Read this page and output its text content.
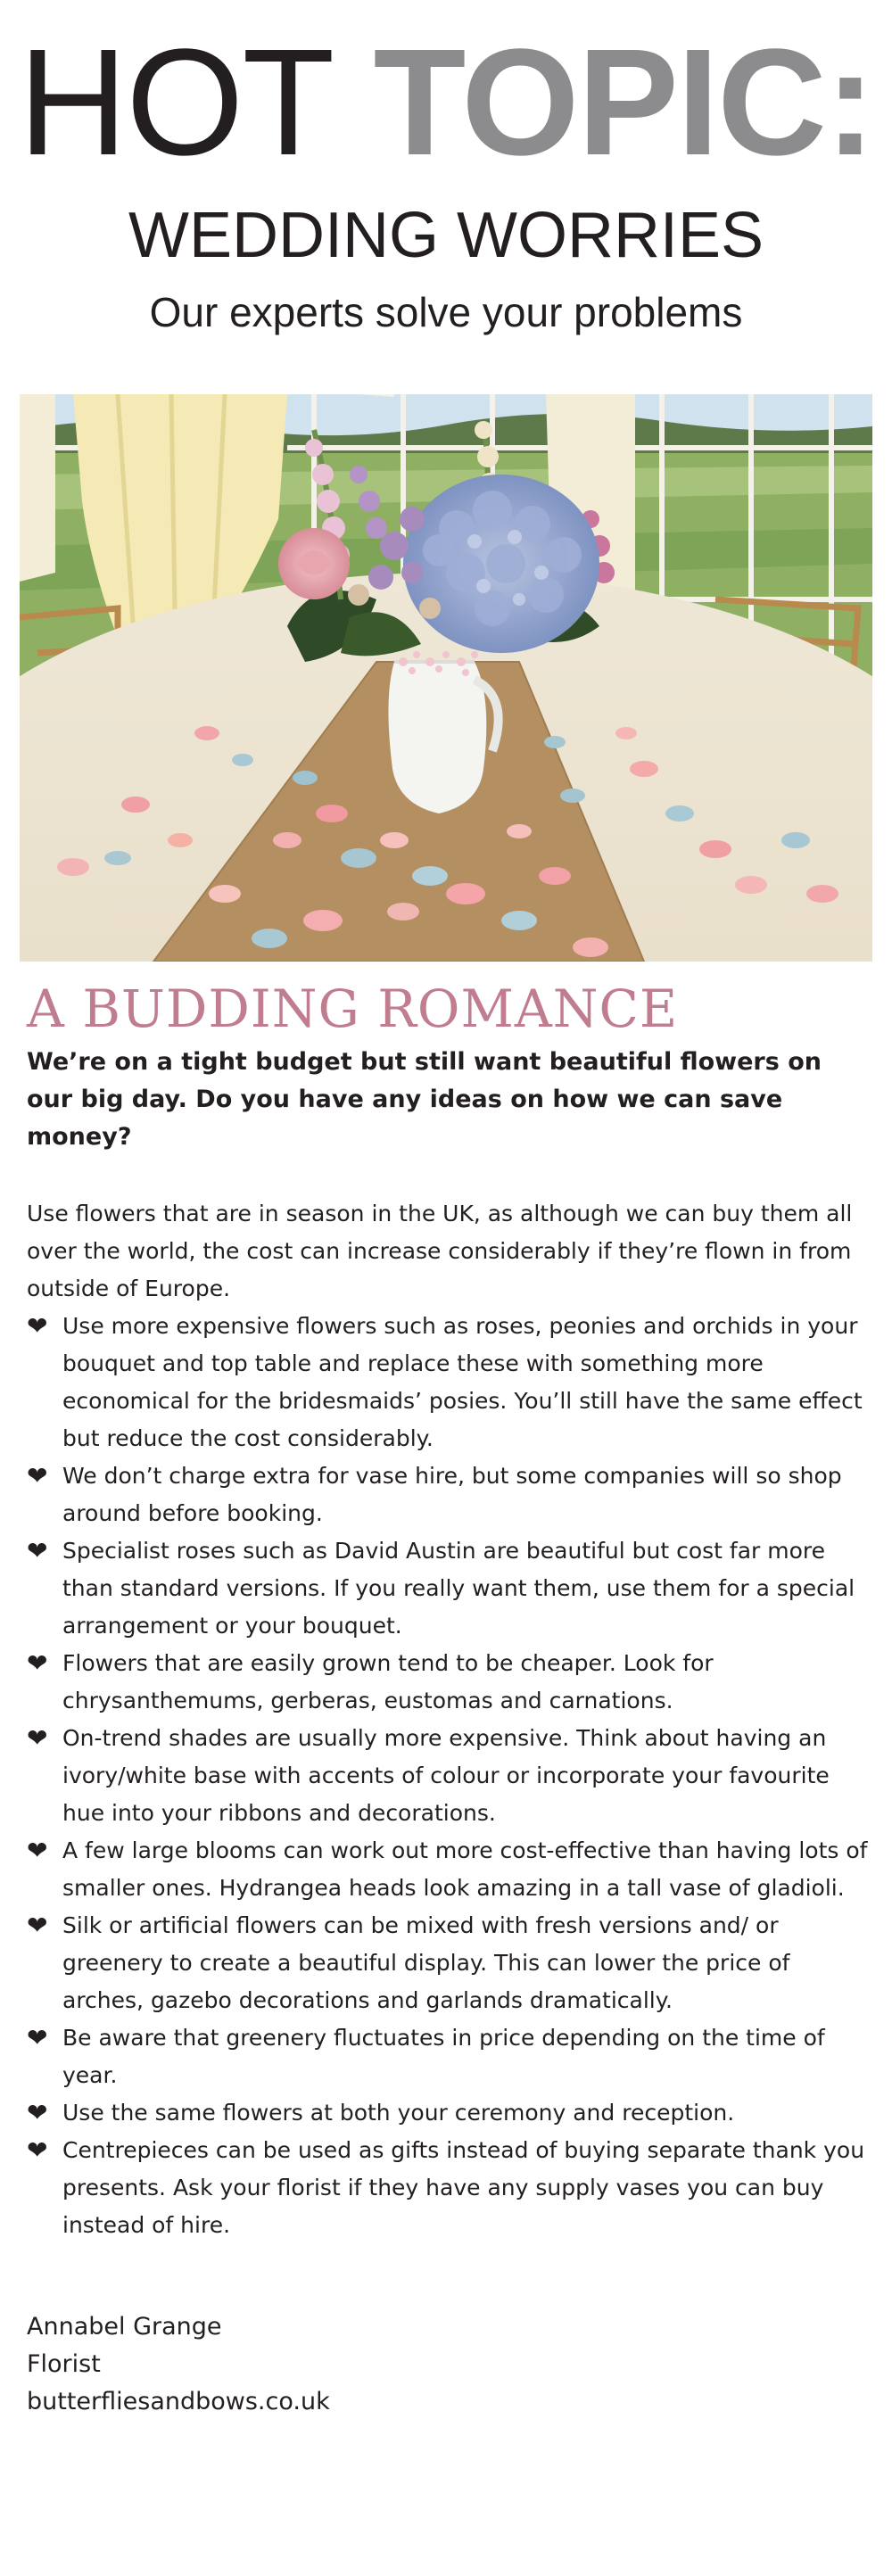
HOT TOPIC:
WEDDING WORRIES
Our experts solve your problems
A BUDDING ROMANCE
We’re on a tight budget but still want beautiful flowers on our big day. Do you have any ideas on how we can save money?
Use flowers that are in season in the UK, as although we can buy them all over the world, the cost can increase considerably if they’re flown in from outside of Europe.
❤ Use more expensive flowers such as roses, peonies and orchids in your bouquet and top table and replace these with something more economical for the bridesmaids’ posies. You’ll still have the same effect but reduce the cost considerably.
❤ We don’t charge extra for vase hire, but some companies will so shop around before booking.
❤ Specialist roses such as David Austin are beautiful but cost far more than standard versions. If you really want them, use them for a special arrangement or your bouquet.
❤ Flowers that are easily grown tend to be cheaper. Look for chrysanthemums, gerberas, eustomas and carnations.
❤ On-trend shades are usually more expensive. Think about having an ivory/white base with accents of colour or incorporate your favourite hue into your ribbons and decorations.
❤ A few large blooms can work out more cost-effective than having lots of smaller ones. Hydrangea heads look amazing in a tall vase of gladioli.
❤ Silk or artificial flowers can be mixed with fresh versions and/ or greenery to create a beautiful display. This can lower the price of arches, gazebo decorations and garlands dramatically.
❤ Be aware that greenery fluctuates in price depending on the time of year.
❤ Use the same flowers at both your ceremony and reception.
❤ Centrepieces can be used as gifts instead of buying separate thank you presents. Ask your florist if they have any supply vases you can buy instead of hire.
Annabel Grange
Florist
butterfliesandbows.co.uk
